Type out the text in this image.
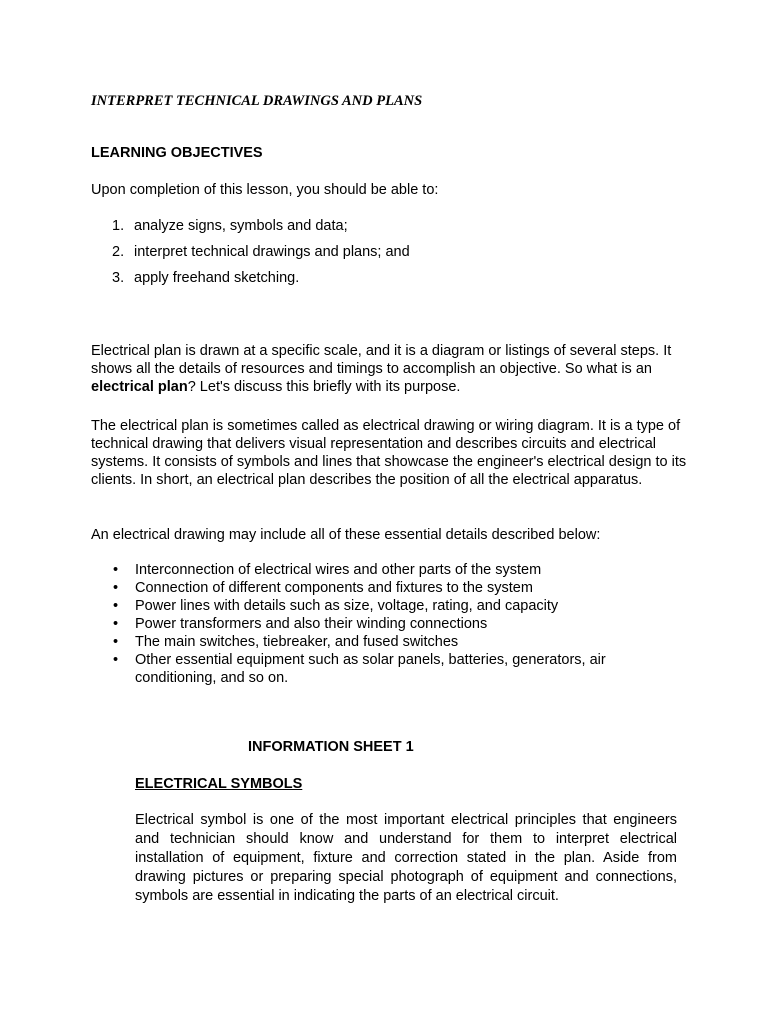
INTERPRET TECHNICAL DRAWINGS AND PLANS
LEARNING OBJECTIVES
Upon completion of this lesson, you should be able to:
1. analyze signs, symbols and data;
2. interpret technical drawings and plans; and
3. apply freehand sketching.

Electrical plan is drawn at a specific scale, and it is a diagram or listings of several steps. It shows all the details of resources and timings to accomplish an objective. So what is an electrical plan? Let's discuss this briefly with its purpose.

The electrical plan is sometimes called as electrical drawing or wiring diagram. It is a type of technical drawing that delivers visual representation and describes circuits and electrical systems. It consists of symbols and lines that showcase the engineer's electrical design to its clients. In short, an electrical plan describes the position of all the electrical apparatus.

An electrical drawing may include all of these essential details described below:

• Interconnection of electrical wires and other parts of the system
• Connection of different components and fixtures to the system
• Power lines with details such as size, voltage, rating, and capacity
• Power transformers and also their winding connections
• The main switches, tiebreaker, and fused switches
• Other essential equipment such as solar panels, batteries, generators, air conditioning, and so on.
INFORMATION SHEET 1
ELECTRICAL SYMBOLS

Electrical symbol is one of the most important electrical principles that engineers and technician should know and understand for them to interpret electrical installation of equipment, fixture and correction stated in the plan. Aside from drawing pictures or preparing special photograph of equipment and connections, symbols are essential in indicating the parts of an electrical circuit.
